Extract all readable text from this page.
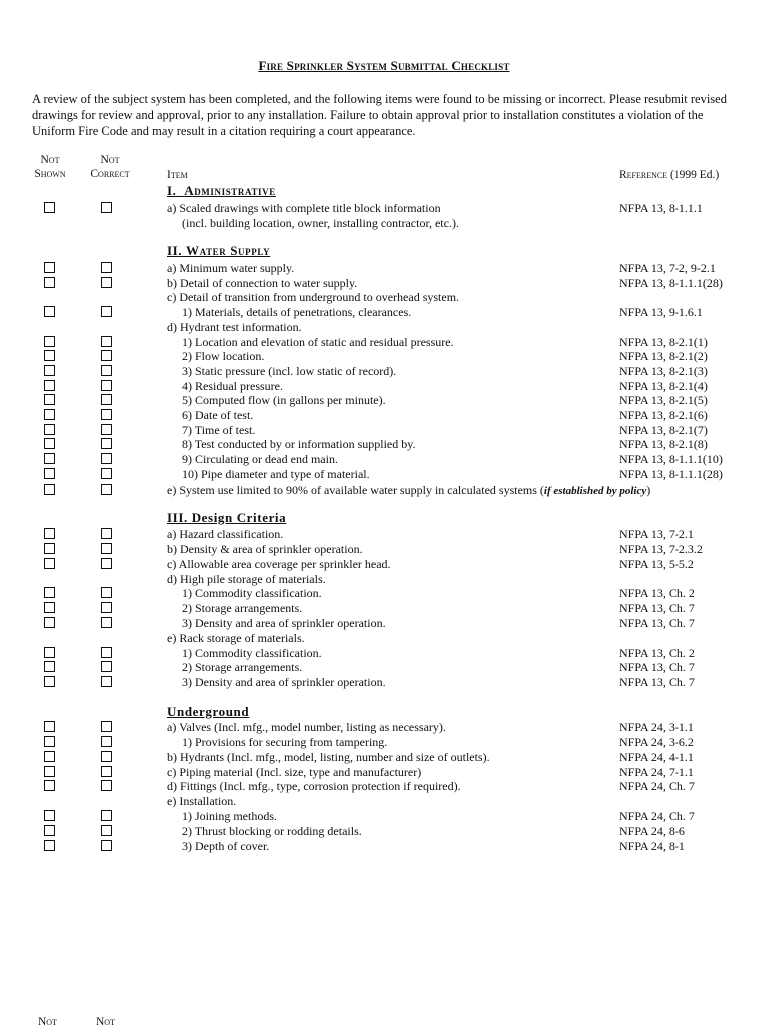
Fire Sprinkler System Submittal Checklist

A review of the subject system has been completed, and the following items were found to be missing or incorrect. Please resubmit revised drawings for review and approval, prior to any installation. Failure to obtain approval prior to installation constitutes a violation of the Uniform Fire Code and may result in a citation requiring a court appearance.

Not
Shown
Not
Correct	Item	Reference (1999 Ed.)
I. Administrative
II. Water Supply
III. Design Criteria
Underground
a) Scaled drawings with complete title block information	NFPA 13, 8-1.1.1
(incl. building location, owner, installing contractor, etc.).
a) Minimum water supply.	NFPA 13, 7-2, 9-2.1
b) Detail of connection to water supply.	NFPA 13, 8-1.1.1(28)
c) Detail of transition from underground to overhead system.
1) Materials, details of penetrations, clearances.	NFPA 13, 9-1.6.1
d) Hydrant test information.
1) Location and elevation of static and residual pressure.	NFPA 13, 8-2.1(1)
2) Flow location.	NFPA 13, 8-2.1(2)
3) Static pressure (incl. low static of record).	NFPA 13, 8-2.1(3)
4) Residual pressure.	NFPA 13, 8-2.1(4)
5) Computed flow (in gallons per minute).	NFPA 13, 8-2.1(5)
6) Date of test.	NFPA 13, 8-2.1(6)
7) Time of test.	NFPA 13, 8-2.1(7)
8) Test conducted by or information supplied by.	NFPA 13, 8-2.1(8)
9) Circulating or dead end main.	NFPA 13, 8-1.1.1(10)
10) Pipe diameter and type of material.	NFPA 13, 8-1.1.1(28)
e) System use limited to 90% of available water supply in calculated systems (if established by policy)
a) Hazard classification.	NFPA 13, 7-2.1
b) Density & area of sprinkler operation.	NFPA 13, 7-2.3.2
c) Allowable area coverage per sprinkler head.	NFPA 13, 5-5.2
d) High pile storage of materials.
1) Commodity classification.	NFPA 13, Ch. 2
2) Storage arrangements.	NFPA 13, Ch. 7
3) Density and area of sprinkler operation.	NFPA 13, Ch. 7
e) Rack storage of materials.
1) Commodity classification.	NFPA 13, Ch. 2
2) Storage arrangements.	NFPA 13, Ch. 7
3) Density and area of sprinkler operation.	NFPA 13, Ch. 7
a) Valves (Incl. mfg., model number, listing as necessary).	NFPA 24, 3-1.1
1) Provisions for securing from tampering.	NFPA 24, 3-6.2
b) Hydrants (Incl. mfg., model, listing, number and size of outlets).	NFPA 24, 4-1.1
c) Piping material (Incl. size, type and manufacturer)	NFPA 24, 7-1.1
d) Fittings (Incl. mfg., type, corrosion protection if required).	NFPA 24, Ch. 7
e) Installation.
1) Joining methods.	NFPA 24, Ch. 7
2) Thrust blocking or rodding details.	NFPA 24, 8-6
3) Depth of cover.	NFPA 24, 8-1
Not	Not
